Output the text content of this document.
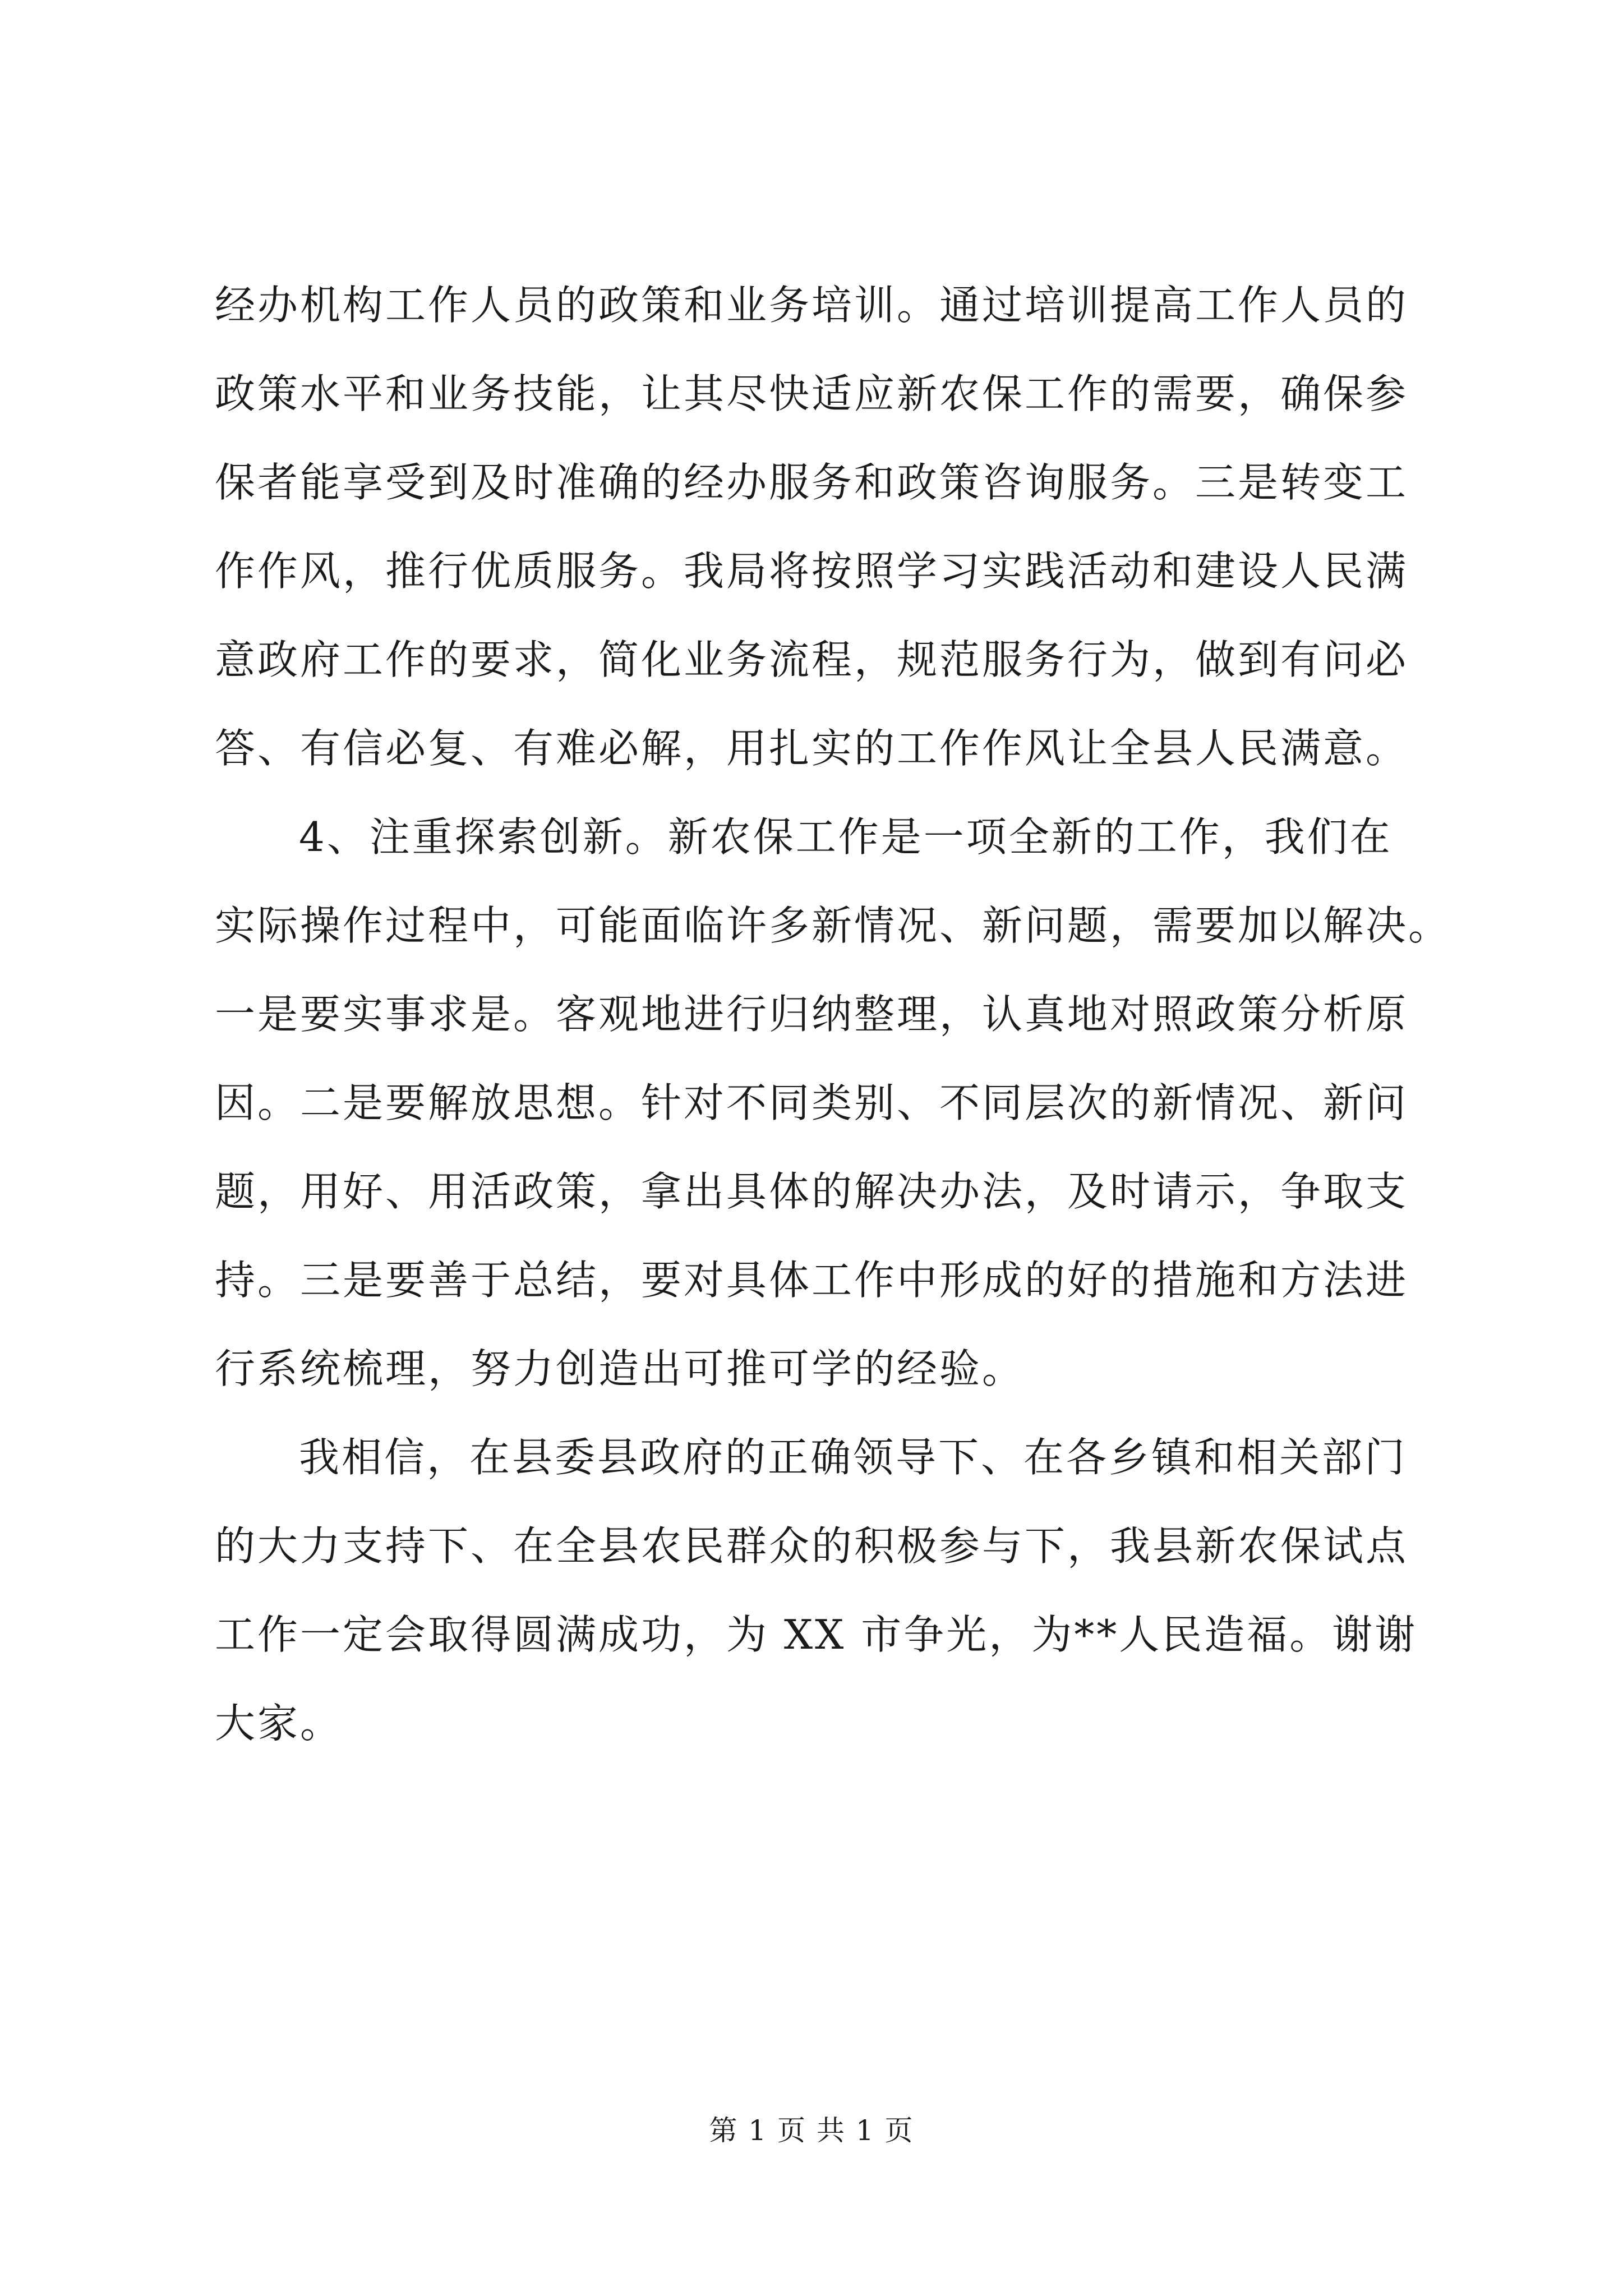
经办机构工作人员的政策和业务培训。通过培训提高工作人员的
政策水平和业务技能，让其尽快适应新农保工作的需要，确保参
保者能享受到及时准确的经办服务和政策咨询服务。三是转变工
作作风，推行优质服务。我局将按照学习实践活动和建设人民满
意政府工作的要求，简化业务流程，规范服务行为，做到有问必
答、有信必复、有难必解，用扎实的工作作风让全县人民满意。
4、注重探索创新。新农保工作是一项全新的工作，我们在
实际操作过程中，可能面临许多新情况、新问题，需要加以解决。
一是要实事求是。客观地进行归纳整理，认真地对照政策分析原
因。二是要解放思想。针对不同类别、不同层次的新情况、新问
题，用好、用活政策，拿出具体的解决办法，及时请示，争取支
持。三是要善于总结，要对具体工作中形成的好的措施和方法进
行系统梳理，努力创造出可推可学的经验。
我相信，在县委县政府的正确领导下、在各乡镇和相关部门
的大力支持下、在全县农民群众的积极参与下，我县新农保试点
工作一定会取得圆满成功，为 XX 市争光，为**人民造福。谢谢
大家。
第 1 页 共 1 页
